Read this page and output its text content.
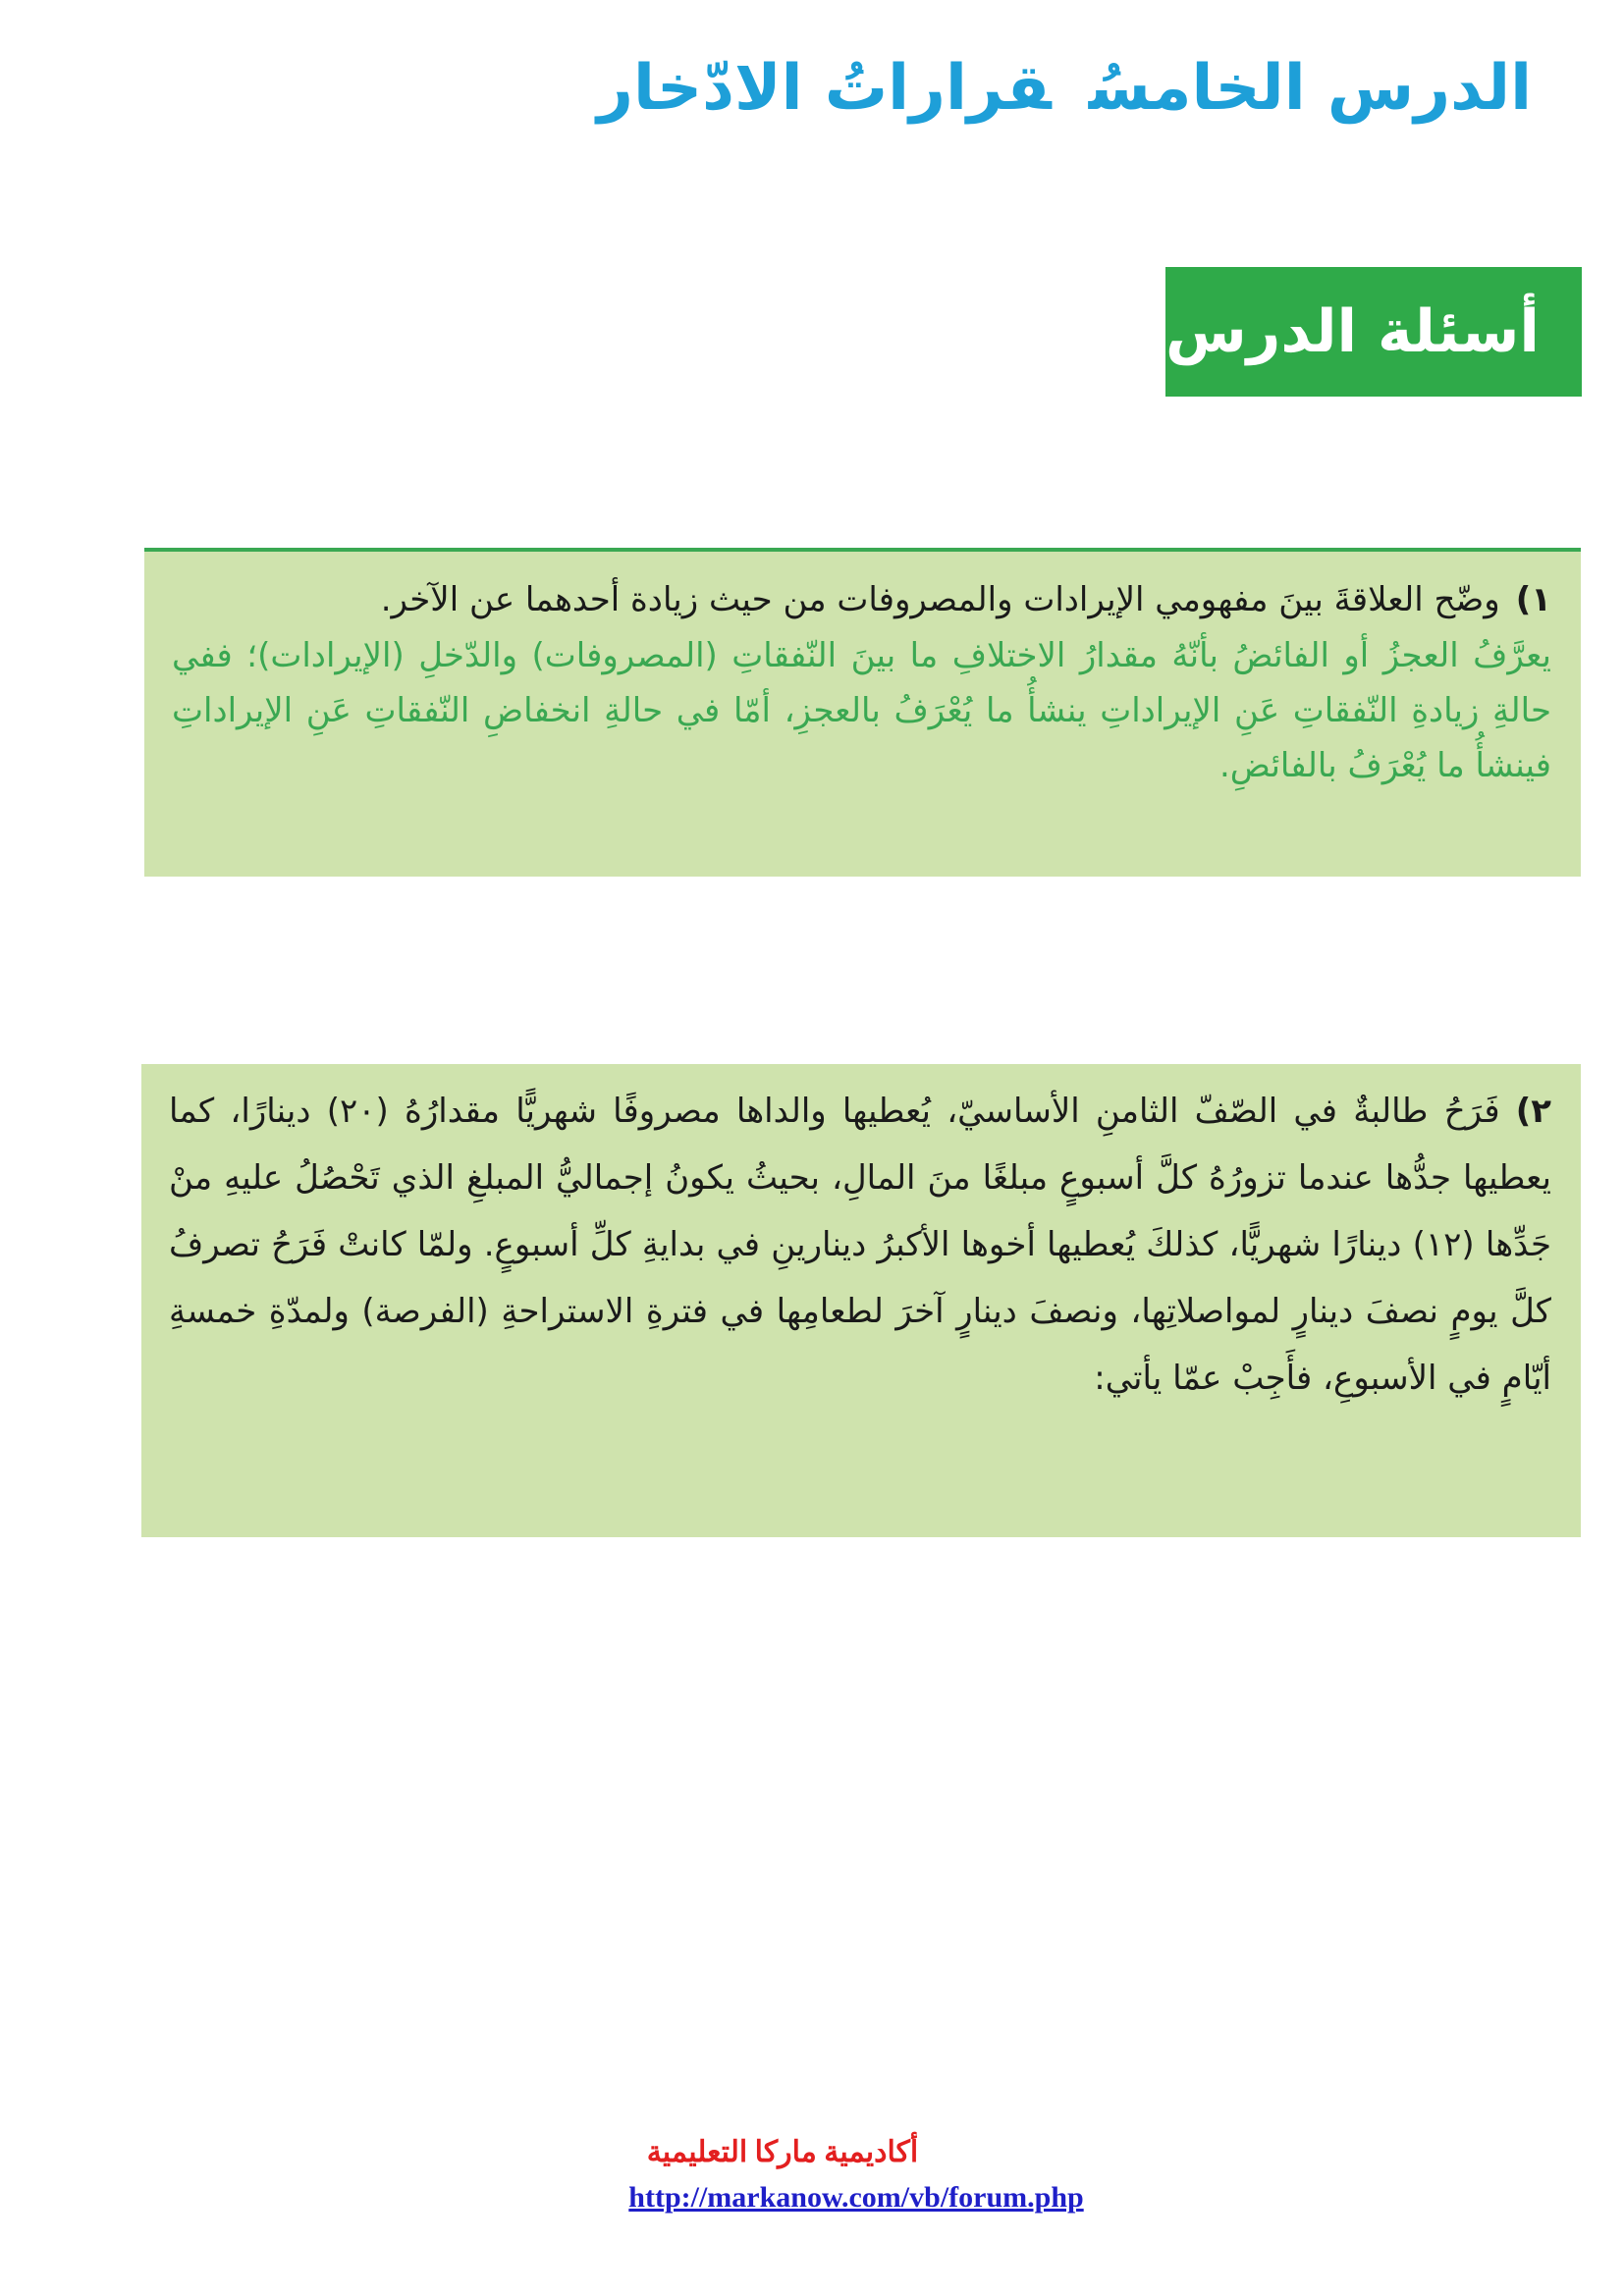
الدرس الخامسُقراراتُ الادّخار
أسئلة الدرس

١)وضّح العلاقةَ بينَ مفهومي الإيرادات والمصروفات من حيث زيادة أحدهما عن الآخر.

يعرَّفُ العجزُ أو الفائضُ بأنّهُ مقدارُ الاختلافِ ما بينَ النّفقاتِ (المصروفات) والدّخلِ (الإيرادات)؛ ففي حالةِ زيادةِ النّفقاتِ عَنِ الإيراداتِ ينشأُ ما يُعْرَفُ بالعجزِ، أمّا في حالةِ انخفاضِ النّفقاتِ عَنِ الإيراداتِ فينشأُ ما يُعْرَفُ بالفائضِ.

٢)فَرَحُ طالبةٌ في الصّفّ الثامنِ الأساسيّ، يُعطيها والداها مصروفًا شهريًّا مقدارُهُ (٢٠) دينارًا، كما يعطيها جدُّها عندما تزورُهُ كلَّ أسبوعٍ مبلغًا منَ المالِ، بحيثُ يكونُ إجماليُّ المبلغِ الذي تَحْصُلُ عليهِ منْ جَدِّها (١٢) دينارًا شهريًّا، كذلكَ يُعطيها أخوها الأكبرُ دينارينِ في بدايةِ كلِّ أسبوعٍ. ولمّا كانتْ فَرَحُ تصرفُ كلَّ يومٍ نصفَ دينارٍ لمواصلاتِها، ونصفَ دينارٍ آخرَ لطعامِها في فترةِ الاستراحةِ (الفرصة) ولمدّةِ خمسةِ أيّامٍ في الأسبوعِ، فأَجِبْ عمّا يأتي:

أكاديمية ماركا التعليمية
http://markanow.com/vb/forum.php
